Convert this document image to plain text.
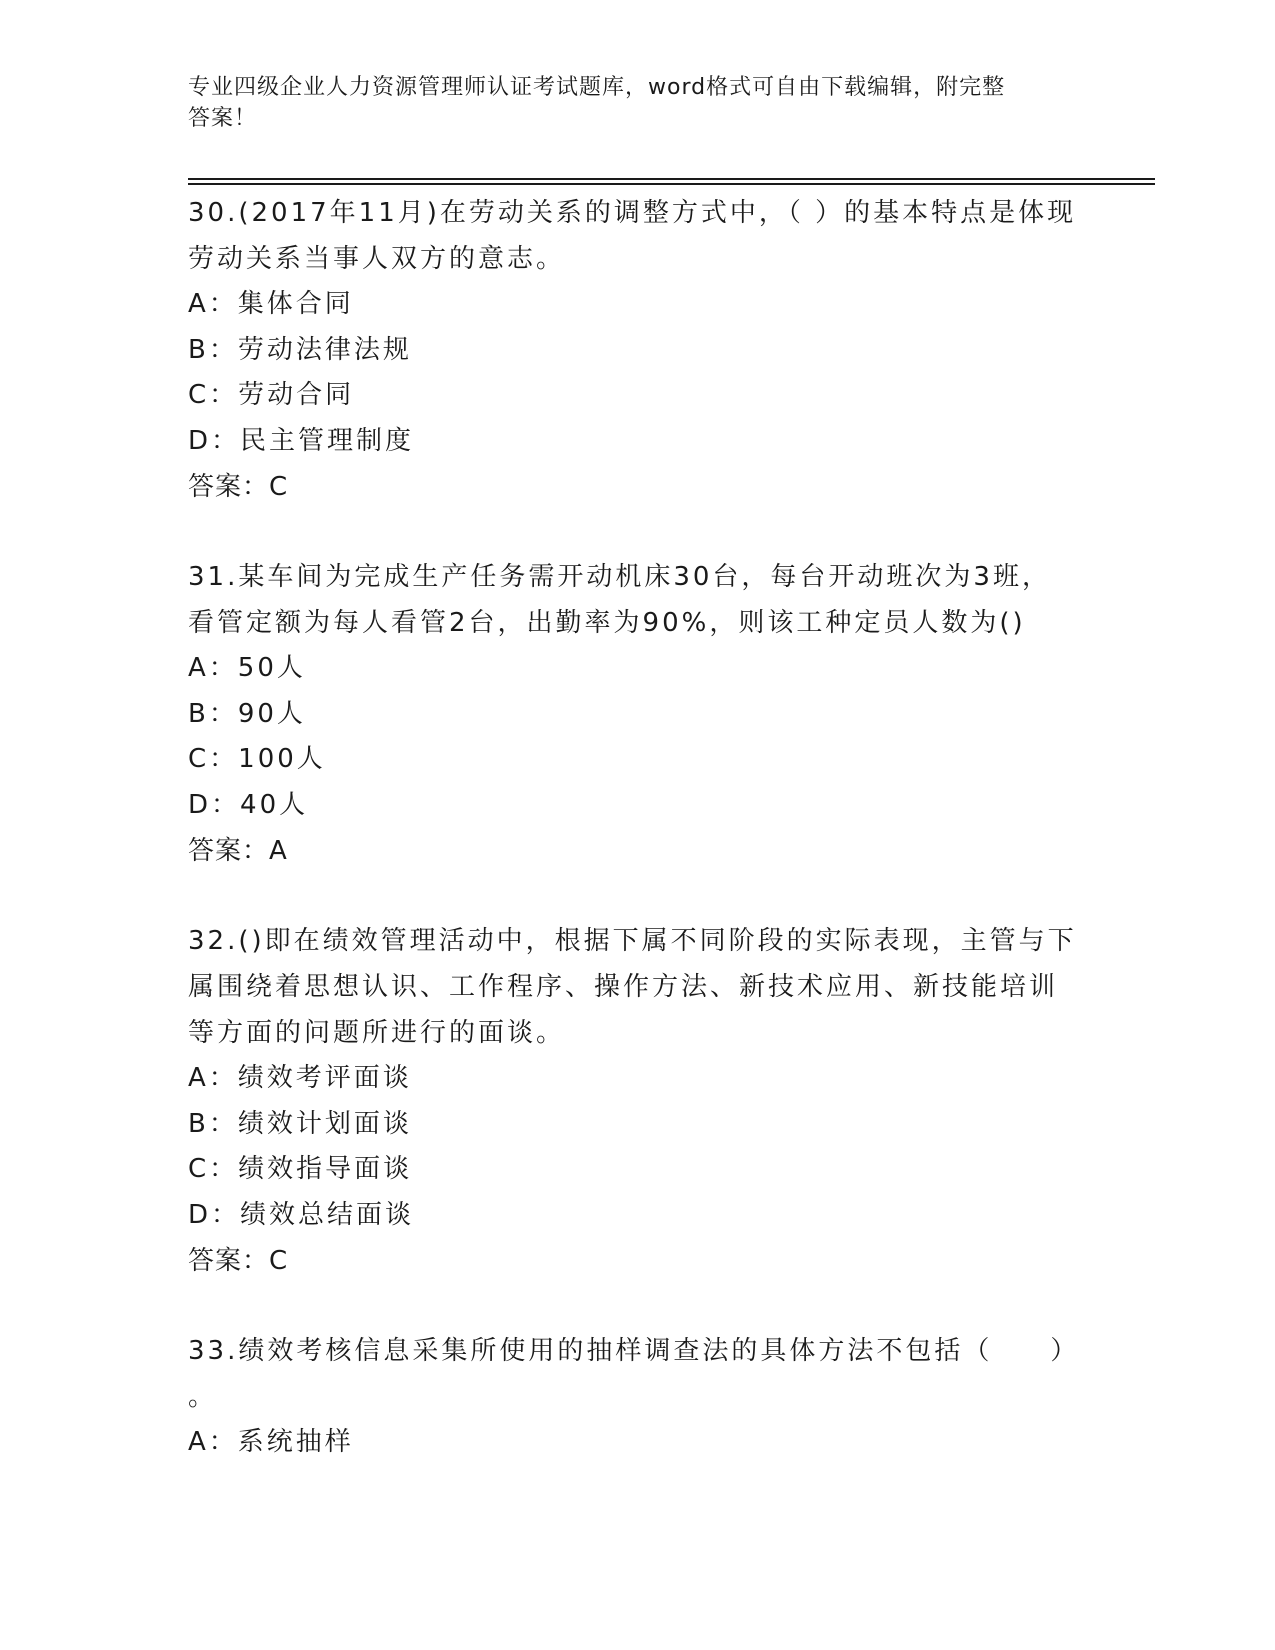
专业四级企业人力资源管理师认证考试题库，word格式可自由下载编辑，附完整
答案！
30.(2017年11月)在劳动关系的调整方式中，（ ）的基本特点是体现
劳动关系当事人双方的意志。
A：集体合同
B：劳动法律法规
C：劳动合同
D：民主管理制度
答案：C
31.某车间为完成生产任务需开动机床30台，每台开动班次为3班，
看管定额为每人看管2台，出勤率为90%，则该工种定员人数为()
A：50人
B：90人
C：100人
D：40人
答案：A
32.()即在绩效管理活动中，根据下属不同阶段的实际表现，主管与下
属围绕着思想认识、工作程序、操作方法、新技术应用、新技能培训
等方面的问题所进行的面谈。
A：绩效考评面谈
B：绩效计划面谈
C：绩效指导面谈
D：绩效总结面谈
答案：C
33.绩效考核信息采集所使用的抽样调查法的具体方法不包括（　　）
。
A：系统抽样
